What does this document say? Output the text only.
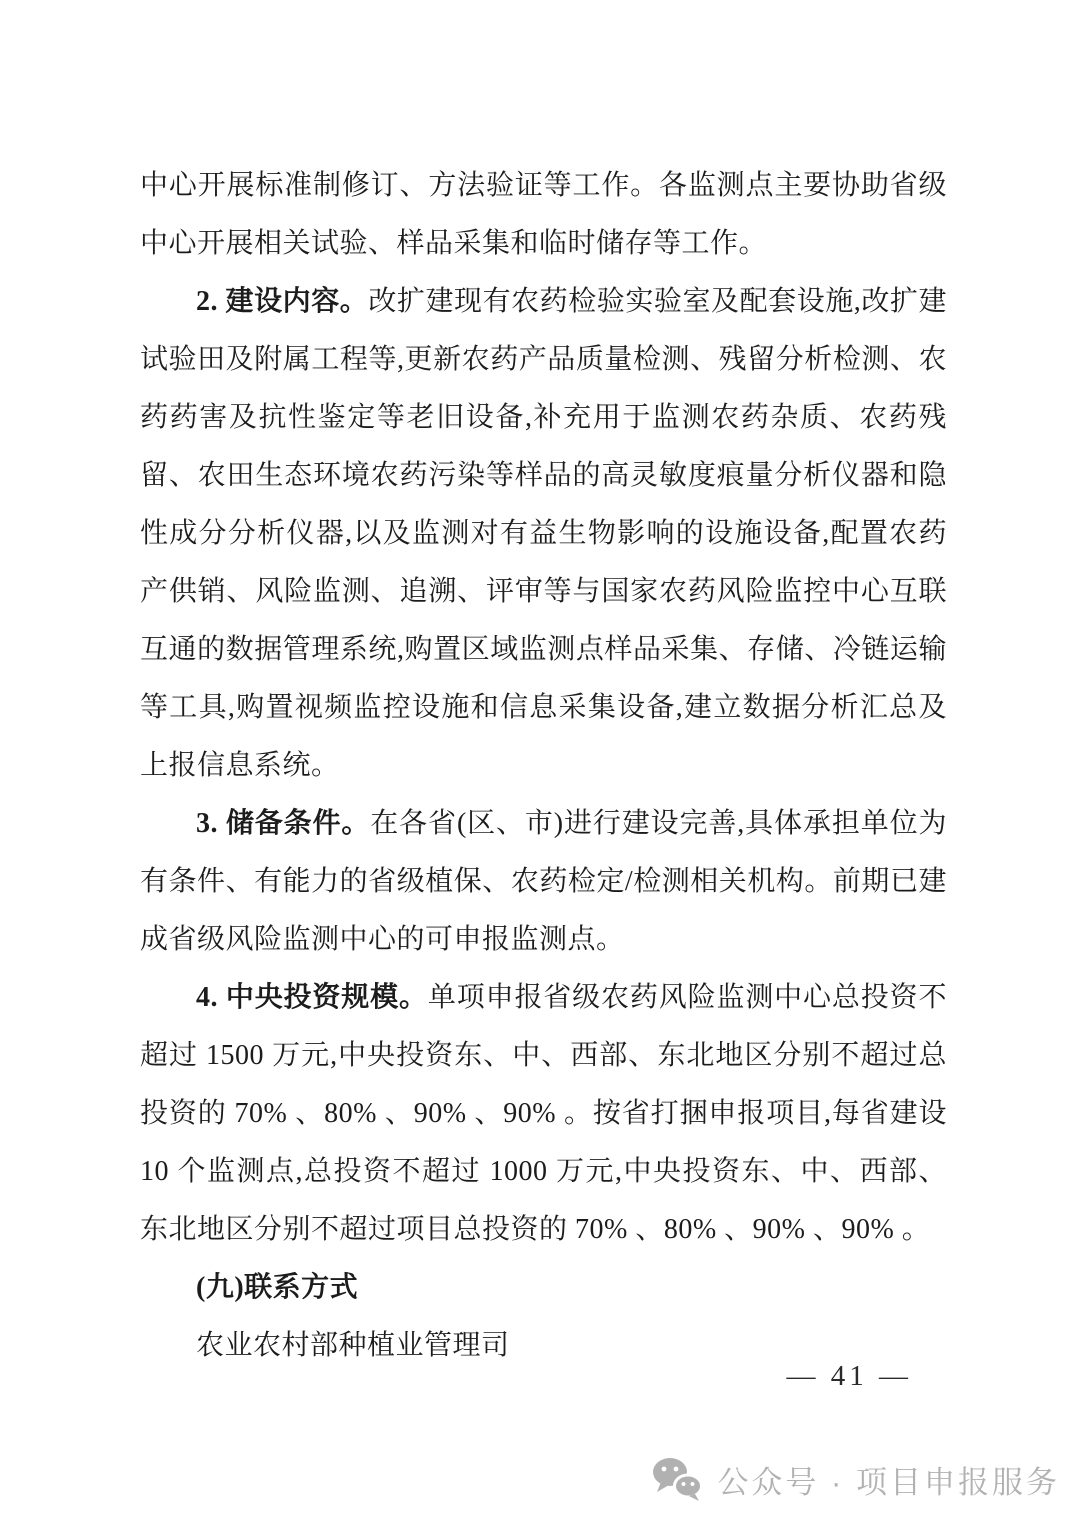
中心开展标准制修订、方法验证等工作。各监测点主要协助省级中心开展相关试验、样品采集和临时储存等工作。

2. 建设内容。改扩建现有农药检验实验室及配套设施,改扩建试验田及附属工程等,更新农药产品质量检测、残留分析检测、农药药害及抗性鉴定等老旧设备,补充用于监测农药杂质、农药残留、农田生态环境农药污染等样品的高灵敏度痕量分析仪器和隐性成分分析仪器,以及监测对有益生物影响的设施设备,配置农药产供销、风险监测、追溯、评审等与国家农药风险监控中心互联互通的数据管理系统,购置区域监测点样品采集、存储、冷链运输等工具,购置视频监控设施和信息采集设备,建立数据分析汇总及上报信息系统。

3. 储备条件。在各省(区、市)进行建设完善,具体承担单位为有条件、有能力的省级植保、农药检定/检测相关机构。前期已建成省级风险监测中心的可申报监测点。

4. 中央投资规模。单项申报省级农药风险监测中心总投资不超过 1500 万元,中央投资东、中、西部、东北地区分别不超过总投资的 70% 、80% 、90% 、90% 。按省打捆申报项目,每省建设 10 个监测点,总投资不超过 1000 万元,中央投资东、中、西部、东北地区分别不超过项目总投资的 70% 、80% 、90% 、90% 。

(九)联系方式

农业农村部种植业管理司

— 41 —
公众号 · 项目申报服务
